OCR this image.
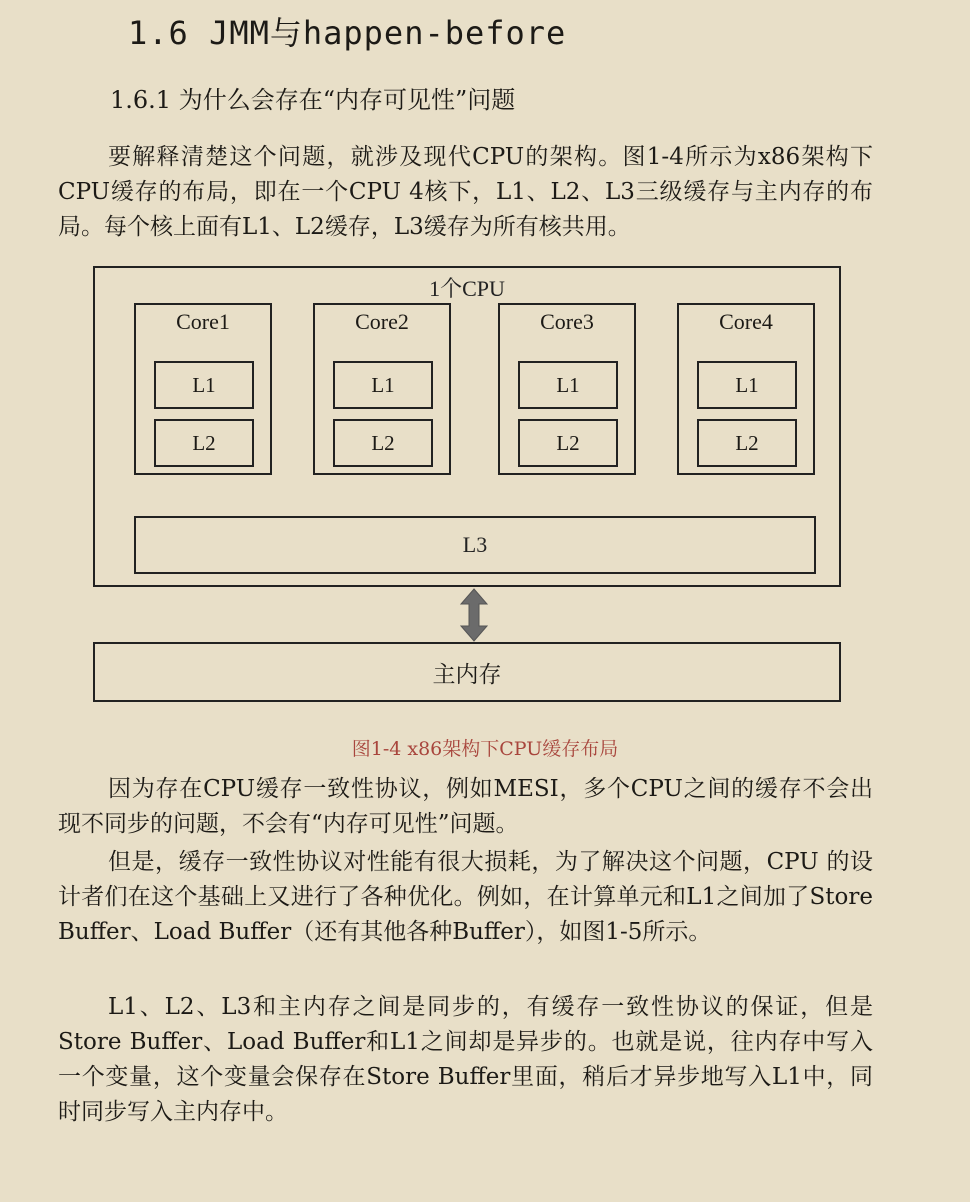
1.6 JMM与happen-before
1.6.1 为什么会存在“内存可见性”问题

要解释清楚这个问题，就涉及现代CPU的架构。图1-4所示为x86架构下CPU缓存的布局，即在一个CPU 4核下，L1、L2、L3三级缓存与主内存的布局。每个核上面有L1、L2缓存，L3缓存为所有核共用。

1个CPU
Core1
L1
L2
Core2
L1
L2
Core3
L1
L2
Core4
L1
L2
L3
主内存
图1-4 x86架构下CPU缓存布局

因为存在CPU缓存一致性协议，例如MESI，多个CPU之间的缓存不会出现不同步的问题，不会有“内存可见性”问题。

但是，缓存一致性协议对性能有很大损耗，为了解决这个问题，CPU 的设计者们在这个基础上又进行了各种优化。例如，在计算单元和L1之间加了Store Buffer、Load Buffer（还有其他各种Buffer），如图1-5所示。

L1、L2、L3和主内存之间是同步的，有缓存一致性协议的保证，但是Store Buffer、Load Buffer和L1之间却是异步的。也就是说，往内存中写入一个变量，这个变量会保存在Store Buffer里面，稍后才异步地写入L1中，同时同步写入主内存中。
